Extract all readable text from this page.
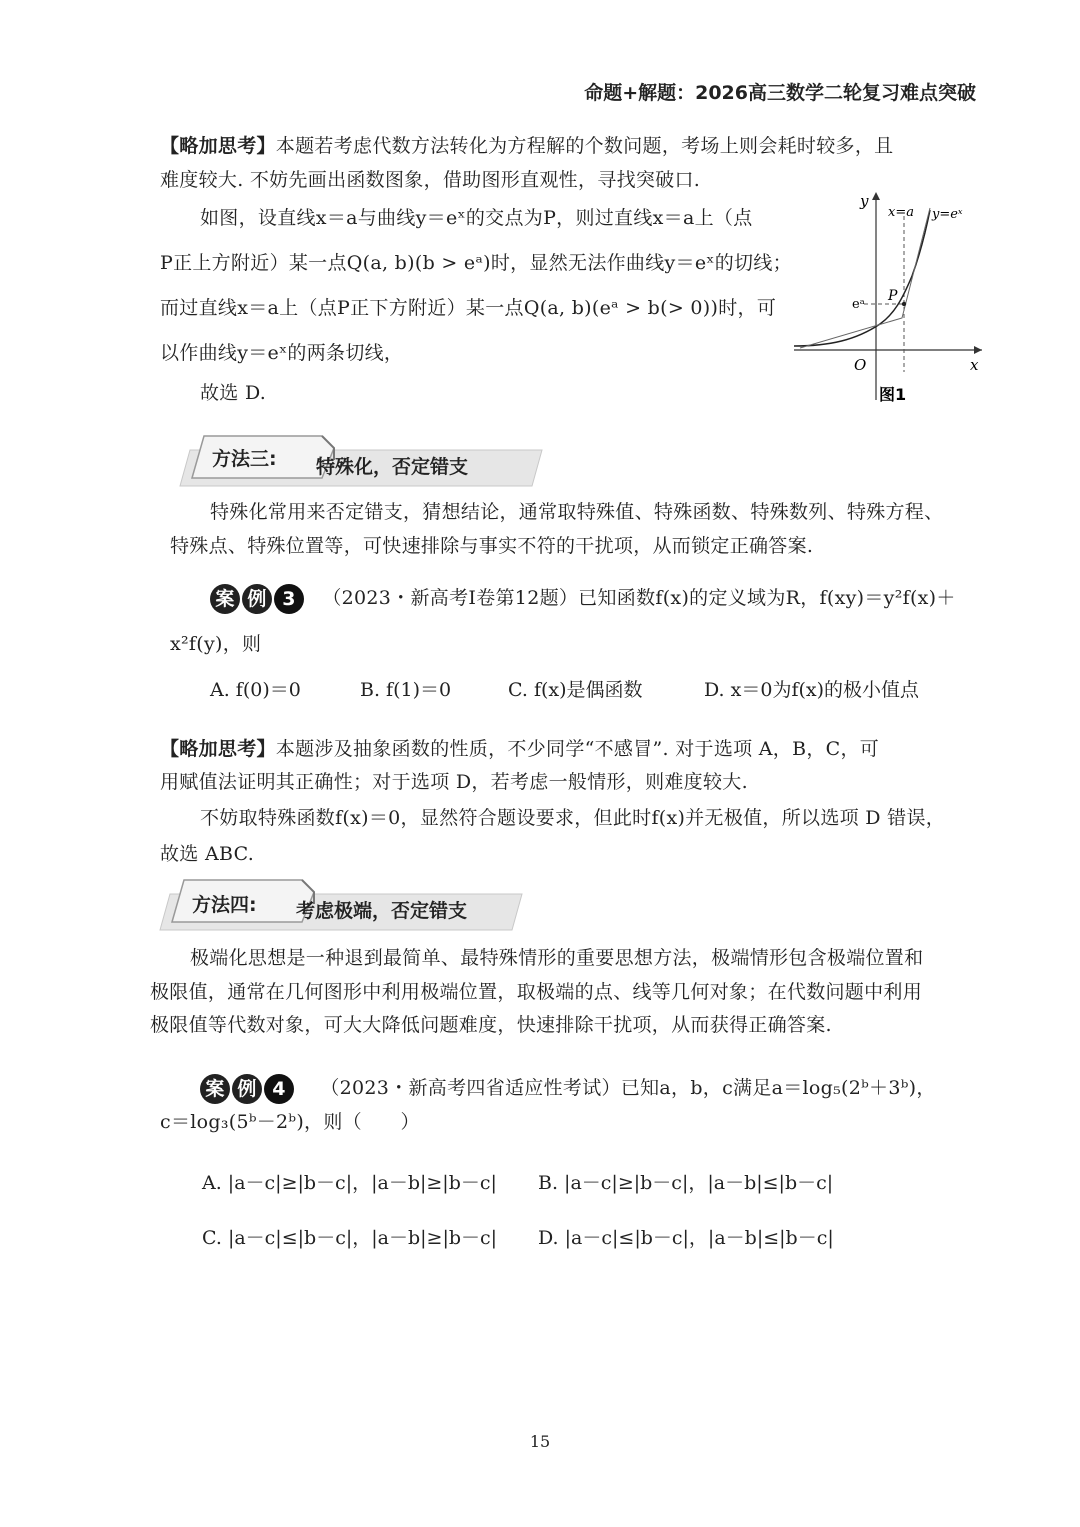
命题+解题：2026高三数学二轮复习难点突破
【略加思考】本题若考虑代数方法转化为方程解的个数问题，考场上则会耗时较多，且
难度较大. 不妨先画出函数图象，借助图形直观性，寻找突破口.
如图，设直线x＝a与曲线y＝eˣ的交点为P，则过直线x＝a上（点
P正上方附近）某一点Q(a, b)(b > eᵃ)时，显然无法作曲线y＝eˣ的切线；
而过直线x＝a上（点P正下方附近）某一点Q(a, b)(eᵃ > b(> 0))时，可
以作曲线y＝eˣ的两条切线，
故选 D.
y
x
O
x=a y=eˣ
P
eᵃ
图1
方法三: 特殊化，否定错支
特殊化常用来否定错支，猜想结论，通常取特殊值、特殊函数、特殊数列、特殊方程、
特殊点、特殊位置等，可快速排除与事实不符的干扰项，从而锁定正确答案.
案 例 3 （2023・新高考Ⅰ卷第12题）已知函数f(x)的定义域为R，f(xy)＝y²f(x)＋
x²f(y)，则
A. f(0)＝0	B. f(1)＝0	C. f(x)是偶函数	D. x＝0为f(x)的极小值点
【略加思考】本题涉及抽象函数的性质，不少同学“不感冒”. 对于选项 A，B，C，可
用赋值法证明其正确性；对于选项 D，若考虑一般情形，则难度较大.
不妨取特殊函数f(x)＝0，显然符合题设要求，但此时f(x)并无极值，所以选项 D 错误，
故选 ABC.
方法四: 考虑极端，否定错支
极端化思想是一种退到最简单、最特殊情形的重要思想方法，极端情形包含极端位置和
极限值，通常在几何图形中利用极端位置，取极端的点、线等几何对象；在代数问题中利用
极限值等代数对象，可大大降低问题难度，快速排除干扰项，从而获得正确答案.
案 例 4 （2023・新高考四省适应性考试）已知a，b，c满足a＝log₅(2ᵇ＋3ᵇ)，
c＝log₃(5ᵇ－2ᵇ)，则（　　）
A. |a－c|≥|b－c|，|a－b|≥|b－c| B. |a－c|≥|b－c|，|a－b|≤|b－c|
C. |a－c|≤|b－c|，|a－b|≥|b－c| D. |a－c|≤|b－c|，|a－b|≤|b－c|
15
